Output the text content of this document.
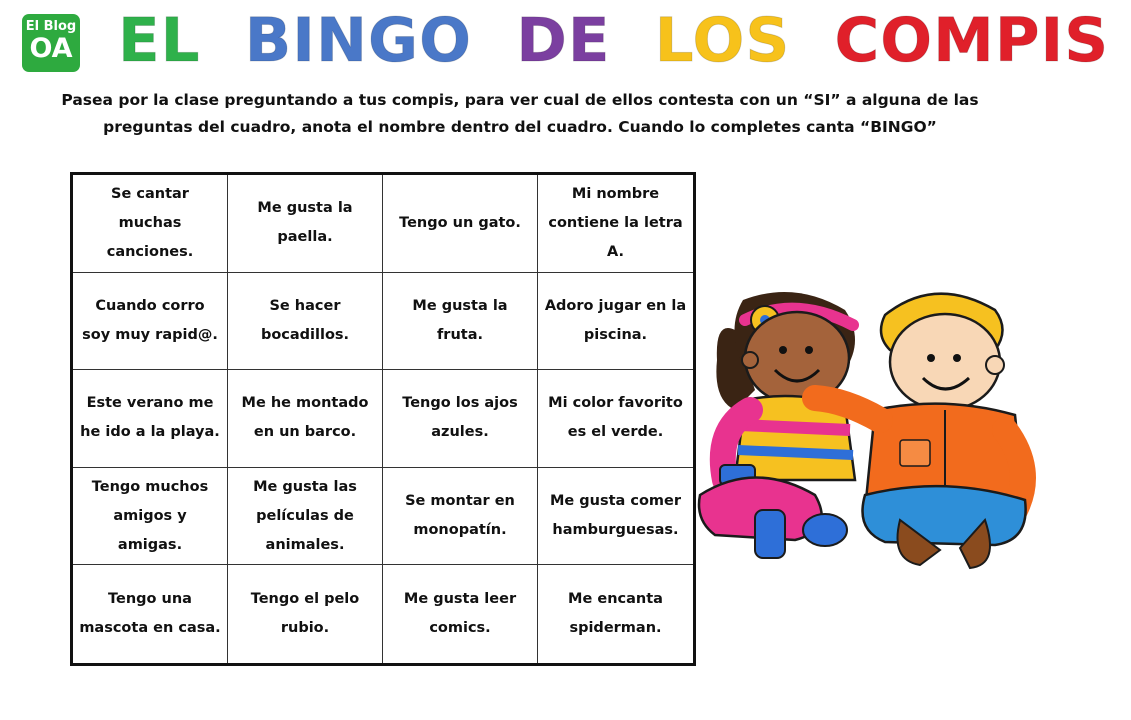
El Blog
OA EL BINGO DE LOS COMPIS
Pasea por la clase preguntando a tus compis, para ver cual de ellos contesta con un “SI” a alguna de las
preguntas del cuadro, anota el nombre dentro del cuadro. Cuando lo completes canta “BINGO”
Se cantar muchas canciones.
Me gusta la paella.
Tengo un gato.
Mi nombre contiene la letra A.
Cuando corro soy muy rapid@.
Se hacer bocadillos.
Me gusta la fruta.
Adoro jugar en la piscina.
Este verano me he ido a la playa.
Me he montado en un barco.
Tengo los ajos azules.
Mi color favorito es el verde.
Tengo muchos amigos y amigas.
Me gusta las películas de animales.
Se montar en monopatín.
Me gusta comer hamburguesas.
Tengo una mascota en casa.
Tengo el pelo rubio.
Me gusta leer comics.
Me encanta spiderman.
